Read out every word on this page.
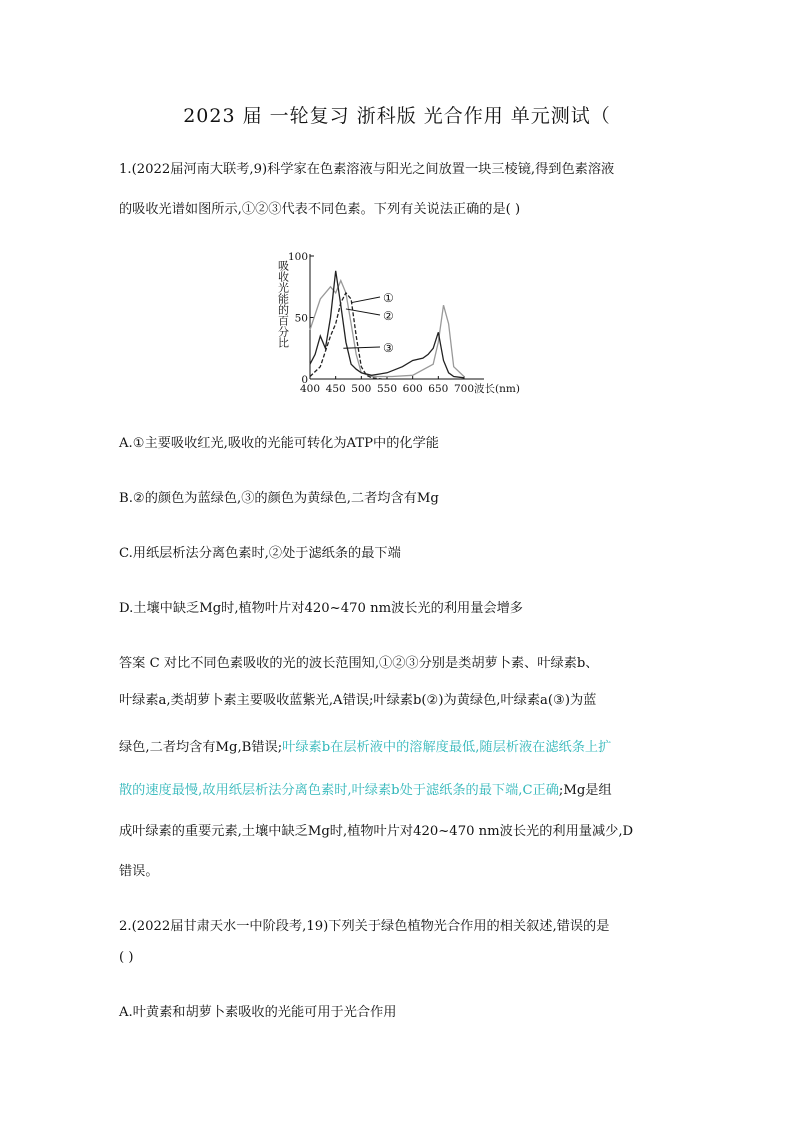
2023 届 一轮复习 浙科版 光合作用 单元测试（
1.(2022届河南大联考,9)科学家在色素溶液与阳光之间放置一块三棱镜,得到色素溶液
的吸收光谱如图所示,①②③代表不同色素。下列有关说法正确的是( )
0
50
100
400 450 500 550 600 650 700 波长(nm)
吸收光能的百分比	①
②
③
A.①主要吸收红光,吸收的光能可转化为ATP中的化学能
B.②的颜色为蓝绿色,③的颜色为黄绿色,二者均含有Mg
C.用纸层析法分离色素时,②处于滤纸条的最下端
D.土壤中缺乏Mg时,植物叶片对420~470 nm波长光的利用量会增多
答案 C 对比不同色素吸收的光的波长范围知,①②③分别是类胡萝卜素、叶绿素b、
叶绿素a,类胡萝卜素主要吸收蓝紫光,A错误;叶绿素b(②)为黄绿色,叶绿素a(③)为蓝
绿色,二者均含有Mg,B错误;叶绿素b在层析液中的溶解度最低,随层析液在滤纸条上扩
散的速度最慢,故用纸层析法分离色素时,叶绿素b处于滤纸条的最下端,C正确;Mg是组
成叶绿素的重要元素,土壤中缺乏Mg时,植物叶片对420~470 nm波长光的利用量减少,D
错误。
2.(2022届甘肃天水一中阶段考,19)下列关于绿色植物光合作用的相关叙述,错误的是
( )
A.叶黄素和胡萝卜素吸收的光能可用于光合作用
